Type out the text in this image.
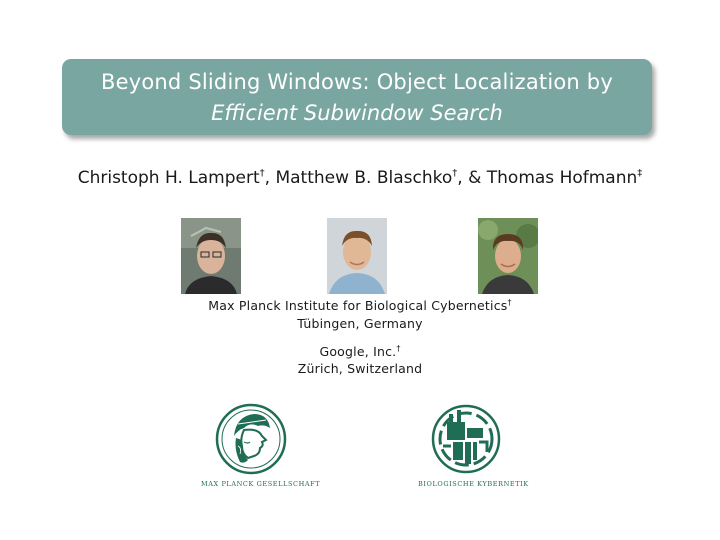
Beyond Sliding Windows: Object Localization by
Efficient Subwindow Search
Christoph H. Lampert†, Matthew B. Blaschko†, & Thomas Hofmann‡
Max Planck Institute for Biological Cybernetics†
Tübingen, Germany
Google, Inc.†
Zürich, Switzerland
MAX PLANCK GESELLSCHAFT	BIOLOGISCHE KYBERNETIK
